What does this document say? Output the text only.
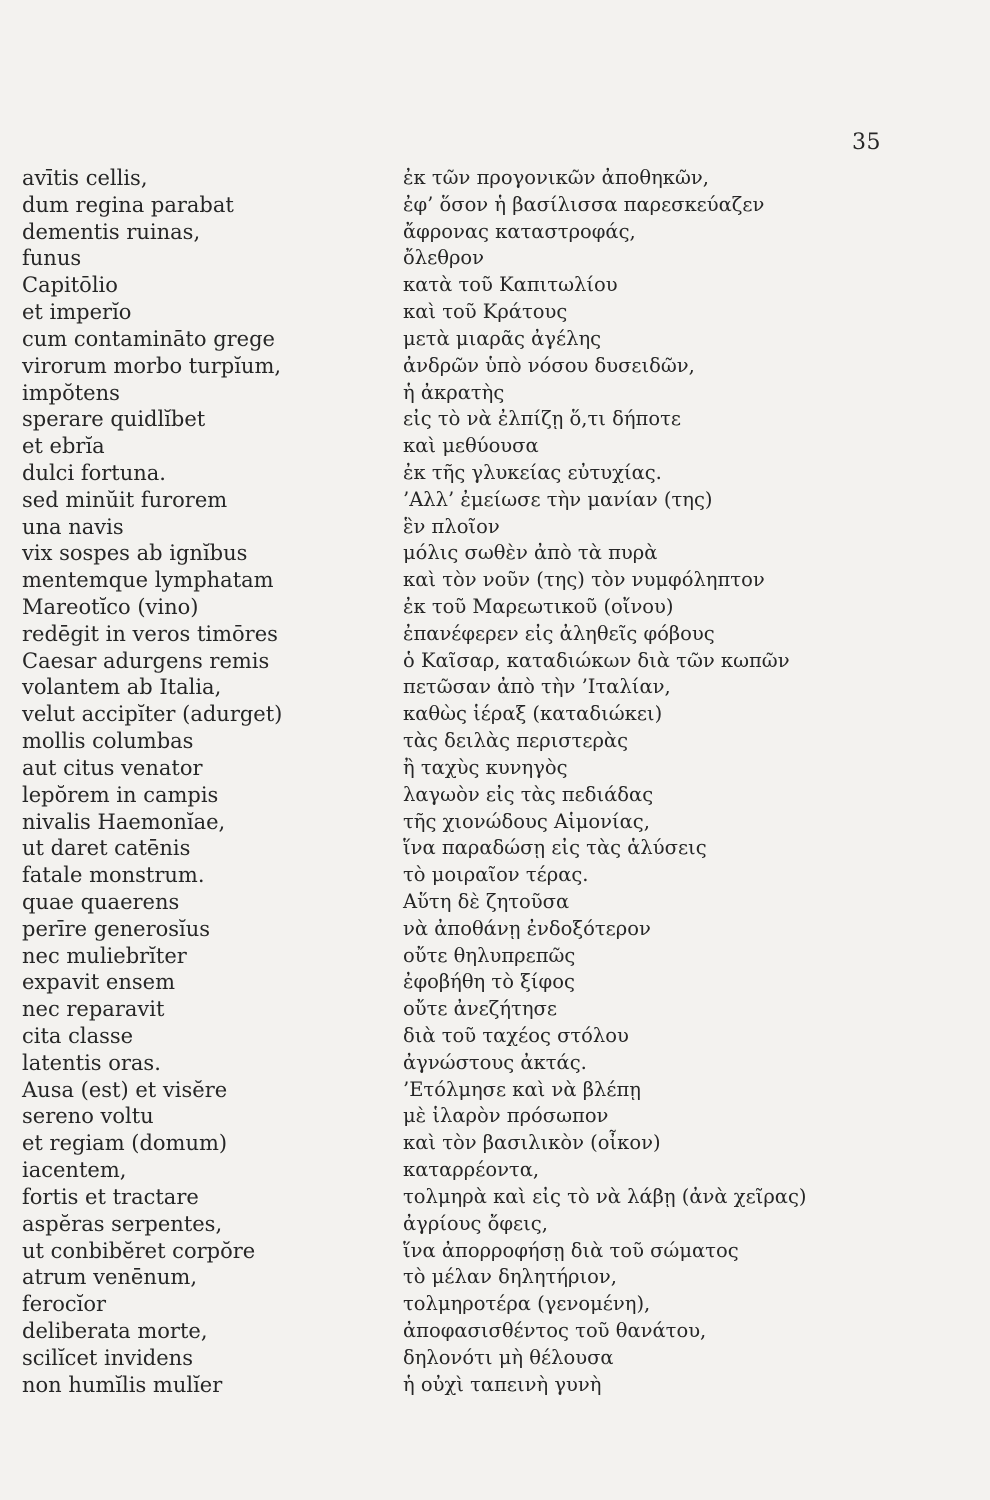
35
avītis cellis,
dum regina parabat
dementis ruinas,
funus
Capitōlio
et imperĭo
cum contamināto grege
virorum morbo turpĭum,
impŏtens
sperare quidlĭbet
et ebrĭa
dulci fortuna.
sed minŭit furorem
una navis
vix sospes ab ignĭbus
mentemque lymphatam
Mareotĭco (vino)
redēgit in veros timōres
Caesar adurgens remis
volantem ab Italia,
velut accipĭter (adurget)
mollis columbas
aut citus venator
lepŏrem in campis
nivalis Haemonĭae,
ut daret catēnis
fatale monstrum.
quae quaerens
perīre generosĭus
nec muliebrĭter
expavit ensem
nec reparavit
cita classe
latentis oras.
Ausa (est) et visĕre
sereno voltu
et regiam (domum)
iacentem,
fortis et tractare
aspĕras serpentes,
ut conbibĕret corpŏre
atrum venēnum,
ferocĭor
deliberata morte,
scilĭcet invidens
non humĭlis mulĭer
ἐκ τῶν προγονικῶν ἀποθηκῶν,
ἐφ’ ὅσον ἡ βασίλισσα παρεσκεύαζεν
ἄφρονας καταστροφάς,
ὄλεθρον
κατὰ τοῦ Καπιτωλίου
καὶ τοῦ Κράτους
μετὰ μιαρᾶς ἀγέλης
ἀνδρῶν ὑπὸ νόσου δυσειδῶν,
ἡ ἀκρατὴς
εἰς τὸ νὰ ἐλπίζῃ ὅ,τι δήποτε
καὶ μεθύουσα
ἐκ τῆς γλυκείας εὐτυχίας.
’Αλλ’ ἐμείωσε τὴν μανίαν (της)
ἓν πλοῖον
μόλις σωθὲν ἀπὸ τὰ πυρὰ
καὶ τὸν νοῦν (της) τὸν νυμφόληπτον
ἐκ τοῦ Μαρεωτικοῦ (οἴνου)
ἐπανέφερεν εἰς ἀληθεῖς φόβους
ὁ Καῖσαρ, καταδιώκων διὰ τῶν κωπῶν
πετῶσαν ἀπὸ τὴν ’Ιταλίαν,
καθὼς ἱέραξ (καταδιώκει)
τὰς δειλὰς περιστερὰς
ἢ ταχὺς κυνηγὸς
λαγωὸν εἰς τὰς πεδιάδας
τῆς χιονώδους Αἱμονίας,
ἵνα παραδώσῃ εἰς τὰς ἁλύσεις
τὸ μοιραῖον τέρας.
Αὕτη δὲ ζητοῦσα
νὰ ἀποθάνῃ ἐνδοξότερον
οὔτε θηλυπρεπῶς
ἐφοβήθη τὸ ξίφος
οὔτε ἀνεζήτησε
διὰ τοῦ ταχέος στόλου
ἀγνώστους ἀκτάς.
’Ετόλμησε καὶ νὰ βλέπῃ
μὲ ἱλαρὸν πρόσωπον
καὶ τὸν βασιλικὸν (οἶκον)
καταρρέοντα,
τολμηρὰ καὶ εἰς τὸ νὰ λάβῃ (ἀνὰ χεῖρας)
ἀγρίους ὄφεις,
ἵνα ἀπορροφήσῃ διὰ τοῦ σώματος
τὸ μέλαν δηλητήριον,
τολμηροτέρα (γενομένη),
ἀποφασισθέντος τοῦ θανάτου,
δηλονότι μὴ θέλουσα
ἡ οὐχὶ ταπεινὴ γυνὴ
